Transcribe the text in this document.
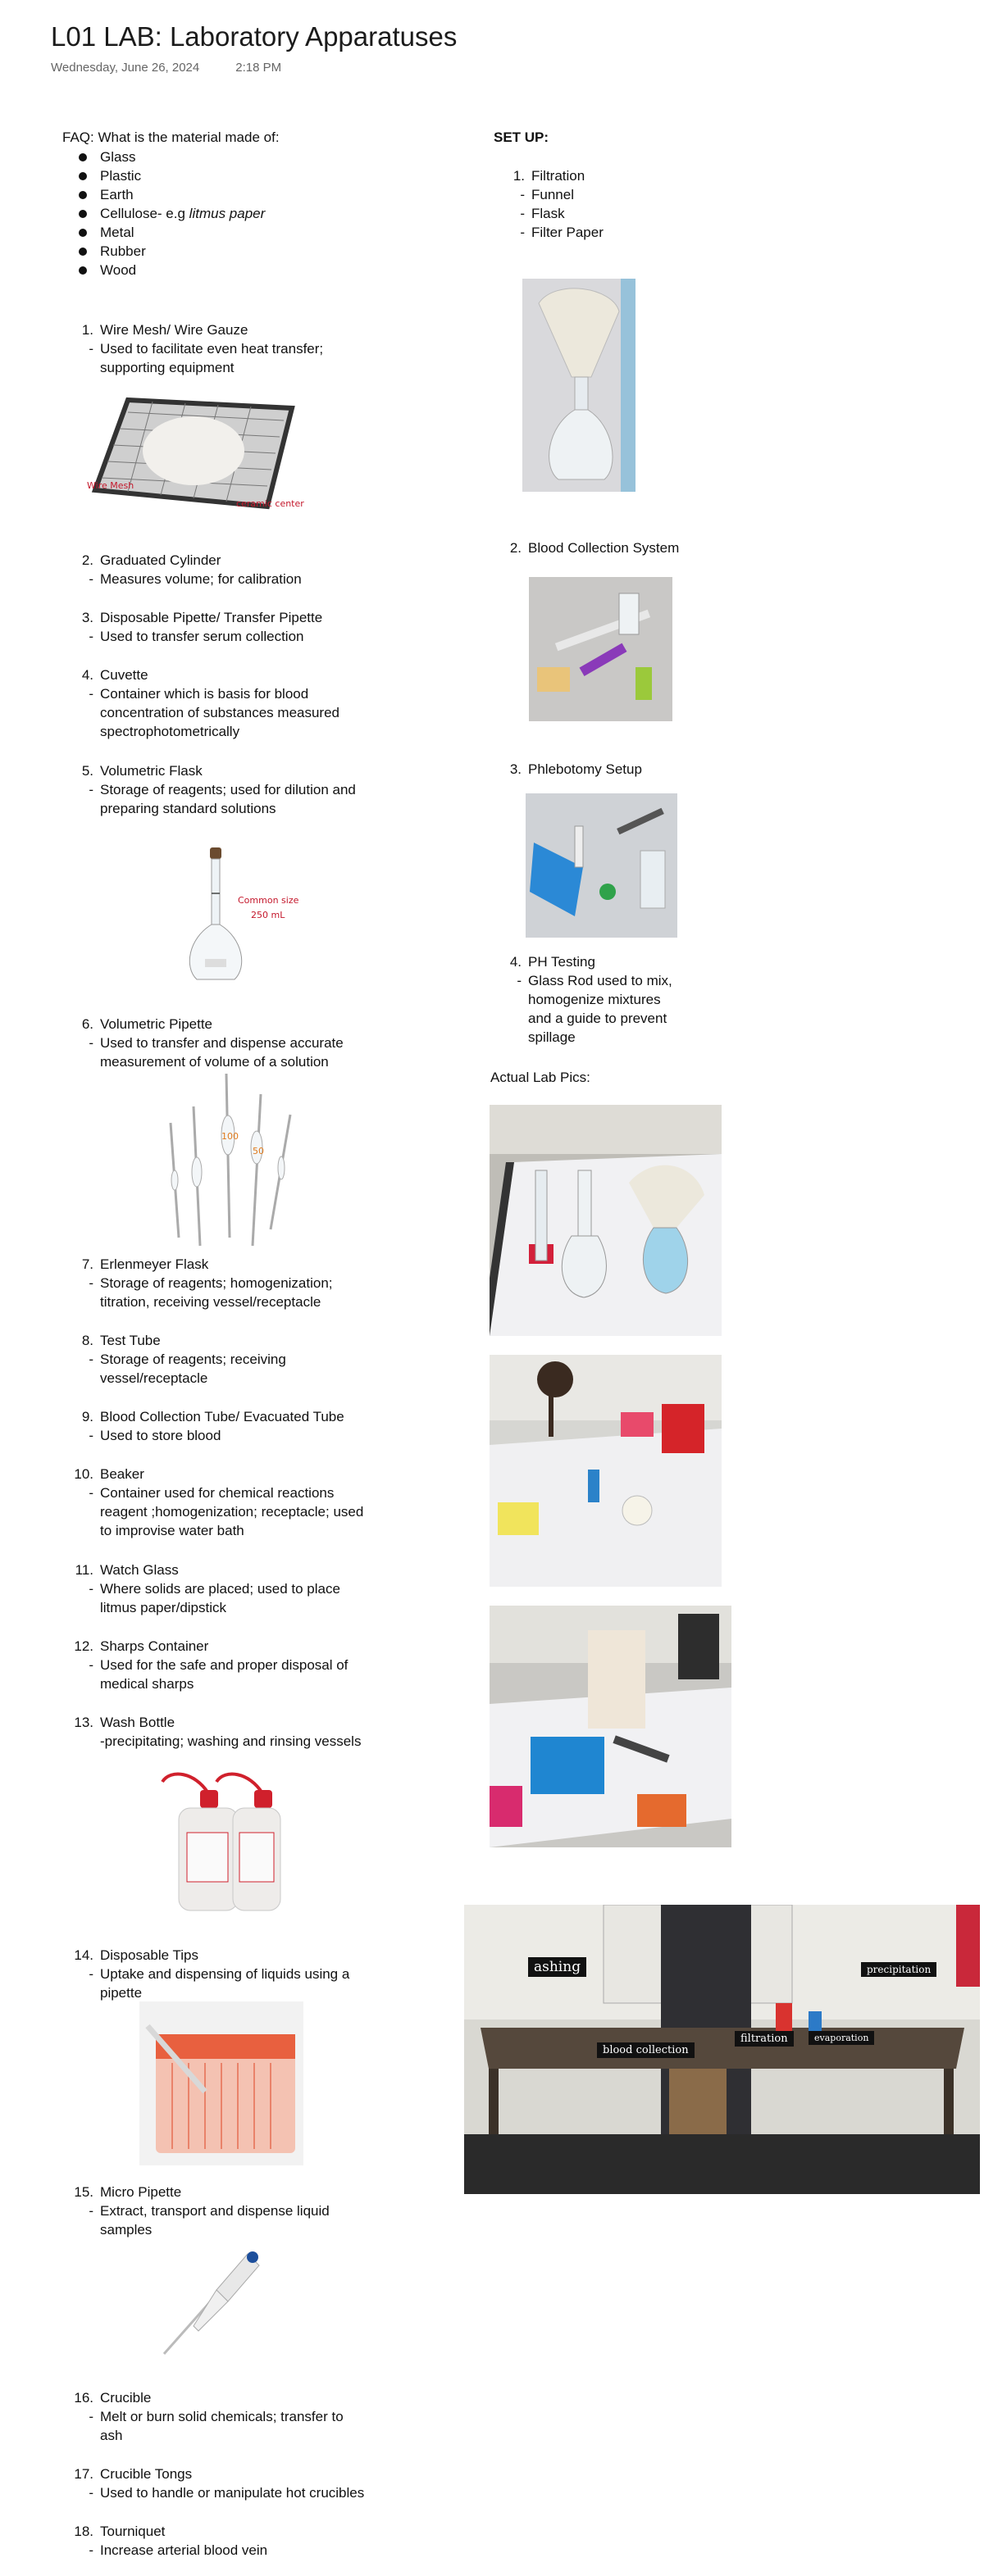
L01 LAB: Laboratory Apparatuses
Wednesday, June 26, 2024	2:18 PM
FAQ: What is the material made of:
Glass
Plastic
Earth
Cellulose- e.g litmus paper
Metal
Rubber
Wood
1. Wire Mesh/ Wire Gauze
- Used to facilitate even heat transfer;
supporting equipment
Wire Mesh
ceramic center
2. Graduated Cylinder
- Measures volume; for calibration
3. Disposable Pipette/ Transfer Pipette
- Used to transfer serum collection
4. Cuvette
- Container which is basis for blood
concentration of substances measured
spectrophotometrically
5. Volumetric Flask
- Storage of reagents; used for dilution and
preparing standard solutions
Common size
250 mL
6. Volumetric Pipette
- Used to transfer and dispense accurate
measurement of volume of a solution
100
50
7. Erlenmeyer Flask
- Storage of reagents; homogenization;
titration, receiving vessel/receptacle
8. Test Tube
- Storage of reagents; receiving
vessel/receptacle
9. Blood Collection Tube/ Evacuated Tube
- Used to store blood
10. Beaker
- Container used for chemical reactions
reagent ;homogenization; receptacle; used
to improvise water bath
11. Watch Glass
- Where solids are placed; used to place
litmus paper/dipstick
12. Sharps Container
- Used for the safe and proper disposal of
medical sharps
13. Wash Bottle
-precipitating; washing and rinsing vessels
14. Disposable Tips
- Uptake and dispensing of liquids using a
pipette
15. Micro Pipette
- Extract, transport and dispense liquid
samples
16. Crucible
- Melt or burn solid chemicals; transfer to
ash
17. Crucible Tongs
- Used to handle or manipulate hot crucibles
18. Tourniquet
- Increase arterial blood vein
SET UP:
1. Filtration
- Funnel
- Flask
- Filter Paper
2. Blood Collection System
3. Phlebotomy Setup
4. PH Testing
- Glass Rod used to mix,
homogenize mixtures
and a guide to prevent
spillage
Actual Lab Pics:
ashing	precipitation
blood collection
filtration	evaporation
